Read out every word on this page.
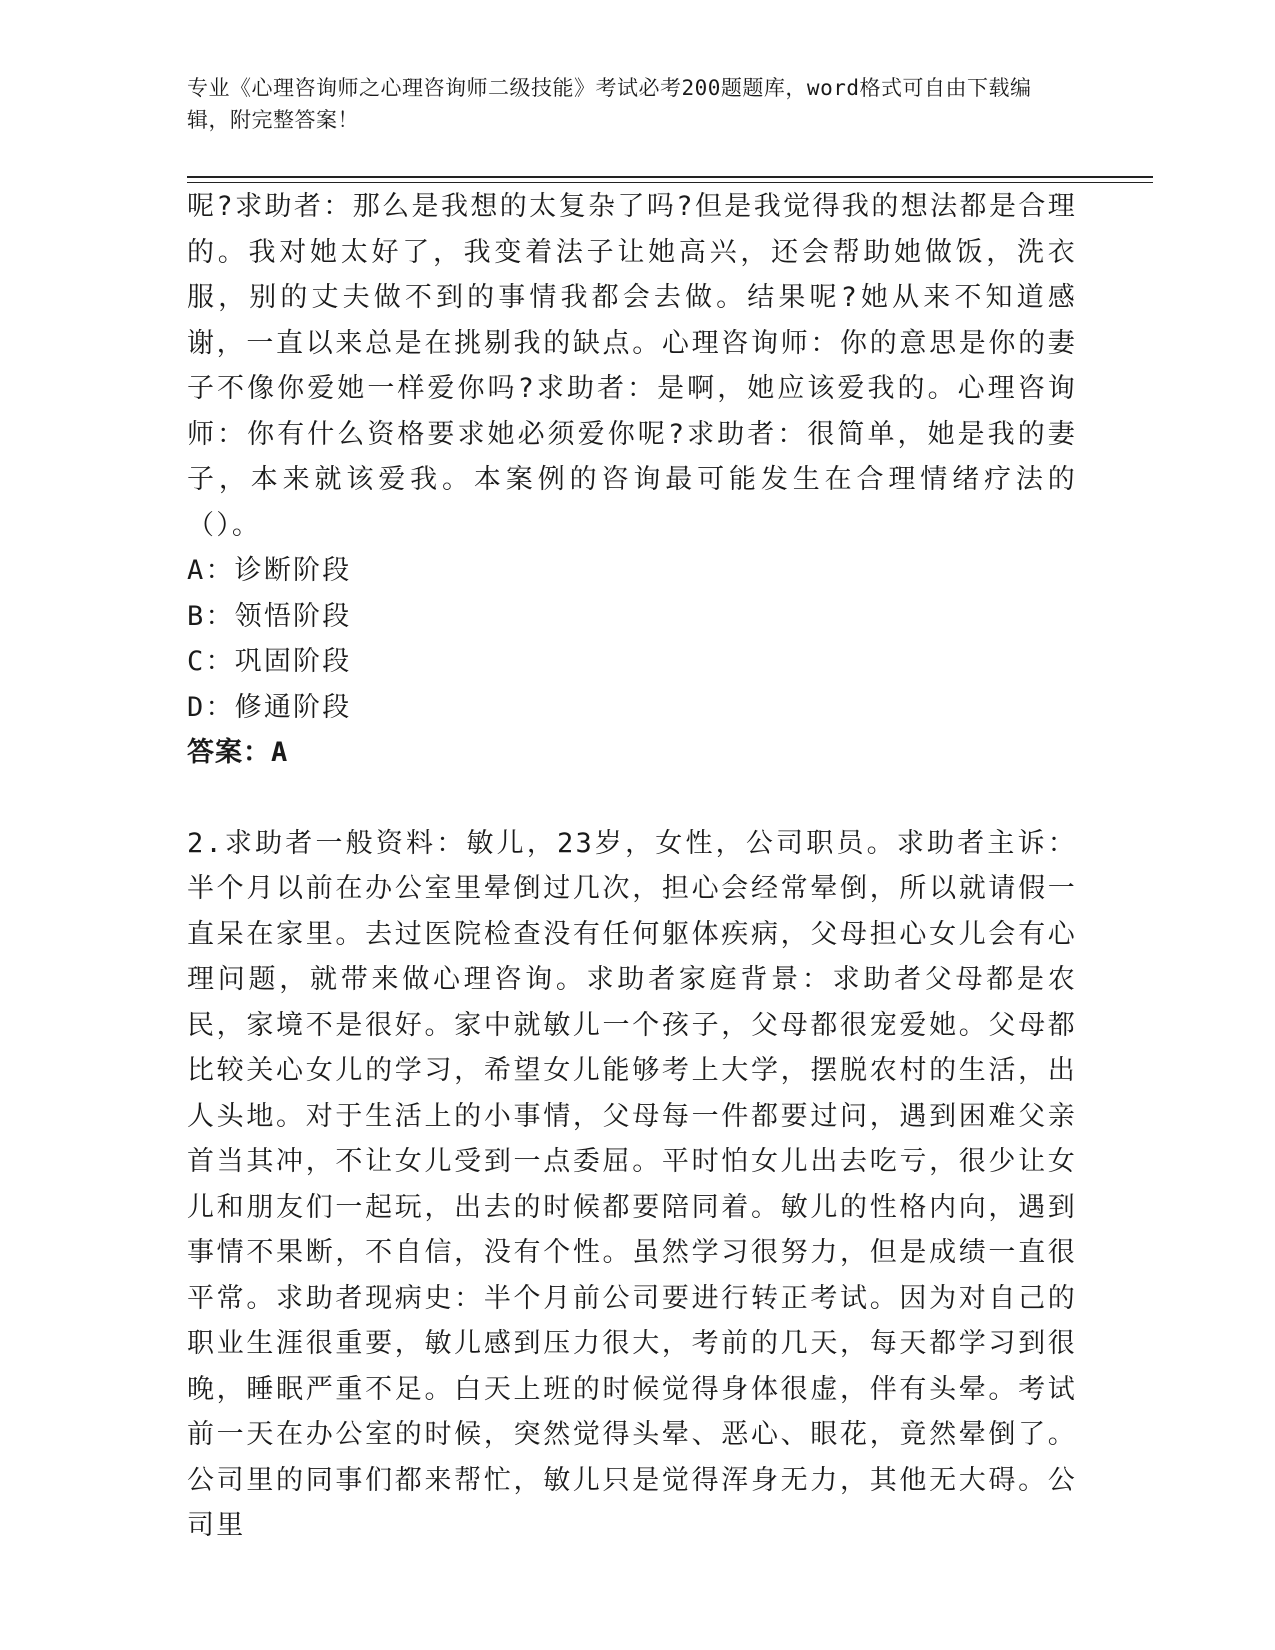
专业《心理咨询师之心理咨询师二级技能》考试必考200题题库，word格式可自由下载编辑，附完整答案！

呢?求助者：那么是我想的太复杂了吗?但是我觉得我的想法都是合理的。我对她太好了，我变着法子让她高兴，还会帮助她做饭，洗衣服，别的丈夫做不到的事情我都会去做。结果呢?她从来不知道感谢，一直以来总是在挑剔我的缺点。心理咨询师：你的意思是你的妻子不像你爱她一样爱你吗?求助者：是啊，她应该爱我的。心理咨询师：你有什么资格要求她必须爱你呢?求助者：很简单，她是我的妻子，本来就该爱我。本案例的咨询最可能发生在合理情绪疗法的（）。

A：诊断阶段

B：领悟阶段

C：巩固阶段

D：修通阶段

答案：A

2.求助者一般资料：敏儿，23岁，女性，公司职员。求助者主诉：半个月以前在办公室里晕倒过几次，担心会经常晕倒，所以就请假一直呆在家里。去过医院检查没有任何躯体疾病，父母担心女儿会有心理问题，就带来做心理咨询。求助者家庭背景：求助者父母都是农民，家境不是很好。家中就敏儿一个孩子，父母都很宠爱她。父母都比较关心女儿的学习，希望女儿能够考上大学，摆脱农村的生活，出人头地。对于生活上的小事情，父母每一件都要过问，遇到困难父亲首当其冲，不让女儿受到一点委屈。平时怕女儿出去吃亏，很少让女儿和朋友们一起玩，出去的时候都要陪同着。敏儿的性格内向，遇到事情不果断，不自信，没有个性。虽然学习很努力，但是成绩一直很平常。求助者现病史：半个月前公司要进行转正考试。因为对自己的职业生涯很重要，敏儿感到压力很大，考前的几天，每天都学习到很晚，睡眠严重不足。白天上班的时候觉得身体很虚，伴有头晕。考试前一天在办公室的时候，突然觉得头晕、恶心、眼花，竟然晕倒了。公司里的同事们都来帮忙，敏儿只是觉得浑身无力，其他无大碍。公司里
